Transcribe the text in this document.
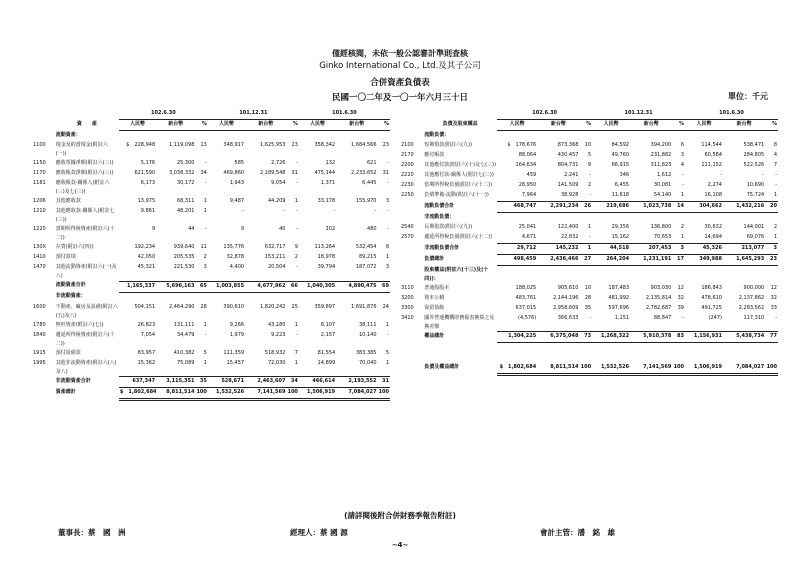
僅經核閱，未依一般公認審計準則查核
Ginko International Co., Ltd.及其子公司
合併資產負債表
民國一〇二年及一〇一年六月三十日	單位：千元
		102.6.30			101.12.31			101.6.30		
	資　　產	人民幣	新台幣	%	人民幣	新台幣	%	人民幣	新台幣	%
	流動資產：									
1100	現金及約當現金(附註六(一))	$　228,948	1,119,098	13	348,917	1,625,953	23	358,342	1,684,566	23
1150	應收票據淨額(附註六(三))	5,176	25,300	-	585	2,726	-	132	621	-
1170	應收帳款淨額(附註六(三))	621,590	3,038,332	34	469,860	2,189,548	31	475,144	2,233,652	31
1181	應收帳款-關係人(附註六(三)及七(三))	6,173	30,172	-	1,943	9,054	-	1,371	6,445	-
1206	其他應收款	13,975	68,311	1	9,487	44,209	1	33,178	155,970	3
1210	其他應收款-關係人(附註七(三))	9,861	48,201	1	-	-	-	-	-	-
1220	當期所得稅資產(附註六(十二))	9	44	-	9	40	-	102	480	-
130X	存貨(附註六(四))	192,234	939,640	11	135,776	632,717	9	113,264	532,454	8
1410	預付款項	42,050	205,535	2	32,878	153,211	2	18,978	89,215	1
1470	其他流動資產(附註六(一)及八)	45,321	221,530	3	4,400	20,504	-	39,794	187,072	3
	流動資產合計	1,165,337	5,696,163	65	1,003,855	4,677,962	66	1,040,305	4,890,475	69
	非流動資產：									
1600	不動產、廠房及設備(附註六(五)及八)	504,151	2,464,290	28	390,610	1,820,242	25	359,897	1,691,876	24
1780	無形資產(附註六(七))	26,823	131,111	1	9,266	43,180	1	8,107	38,111	1
1840	遞延所得稅資產(附註六(十二))	7,054	34,479	-	1,979	9,223	-	2,157	10,140	-
1915	預付設備款	83,957	410,382	5	111,359	518,932	7	81,554	383,385	5
1995	其他非流動資產(附註六(八)及八)	15,362	75,089	1	15,457	72,030	1	14,899	70,040	1
	非流動資產合計	637,347	3,115,351	35	528,671	2,463,607	34	466,614	2,193,552	31
	資產總計	$　1,802,684	8,811,514	100	1,532,526	7,141,569	100	1,506,919	7,084,027	100
		102.6.30			101.12.31			101.6.30		
	負債及股東權益	人民幣	新台幣	%	人民幣	新台幣	%	人民幣	新台幣	%
	流動負債：									
2100	短期借款(附註六(九))	$　178,676	873,368	10	84,592	394,200	6	114,544	538,471	8
2170	應付帳款	88,064	430,457	5	49,760	231,882	3	60,584	284,805	4
2200	其他應付款(附註六(十)及七(三))	164,634	804,731	9	66,915	311,823	4	111,152	522,526	7
2220	其他應付款-關係人(附註七(三))	459	2,241	-	346	1,612	-	-	-	-
2230	當期所得稅負債(附註六(十二))	28,950	141,509	2	6,455	30,081	-	2,274	10,690	-
2250	負債準備-流動(附註六(十一))	7,964	38,928	-	11,618	54,140	1	16,108	75,724	1
	流動負債合計	468,747	2,291,234	26	219,686	1,023,738	14	304,662	1,432,216	20
	非流動負債：									
2540	長期借款(附註六(九))	25,041	122,400	1	29,356	136,800	2	30,632	144,001	2
2570	遞延所得稅負債(附註六(十二))	4,671	22,832	-	15,162	70,653	1	14,694	69,076	1
	非流動負債合計	29,712	145,232	1	44,518	207,453	3	45,326	213,077	3
	負債總計	498,459	2,436,466	27	264,204	1,231,191	17	349,988	1,645,293	23
	股東權益(附註六(十三)及(十四))：									
3110	普通股股本	188,025	905,610	10	187,483	903,030	12	186,843	900,000	12
3200	資本公積	483,761	2,144,196	28	481,992	2,135,814	32	478,610	2,137,862	32
3300	保留盈餘	637,015	2,958,609	35	597,696	2,782,687	39	491,725	2,283,562	33
3410	國外營運機構財務報表換算之兌換差額	(4,576)	366,633	-	1,151	88,847	-	(247)	117,310	-
	權益總計	1,304,225	6,375,048	73	1,268,322	5,910,378	83	1,156,931	5,438,734	77

	負債及權益總計	$　1,802,684	8,811,514	100	1,532,526	7,141,569	100	1,506,919	7,084,027	100
(請詳閱後附合併財務季報告附註)
董事長：蔡　國　洲	經理人：蔡 國 源	會計主管：潘　銘　雄
~4~
